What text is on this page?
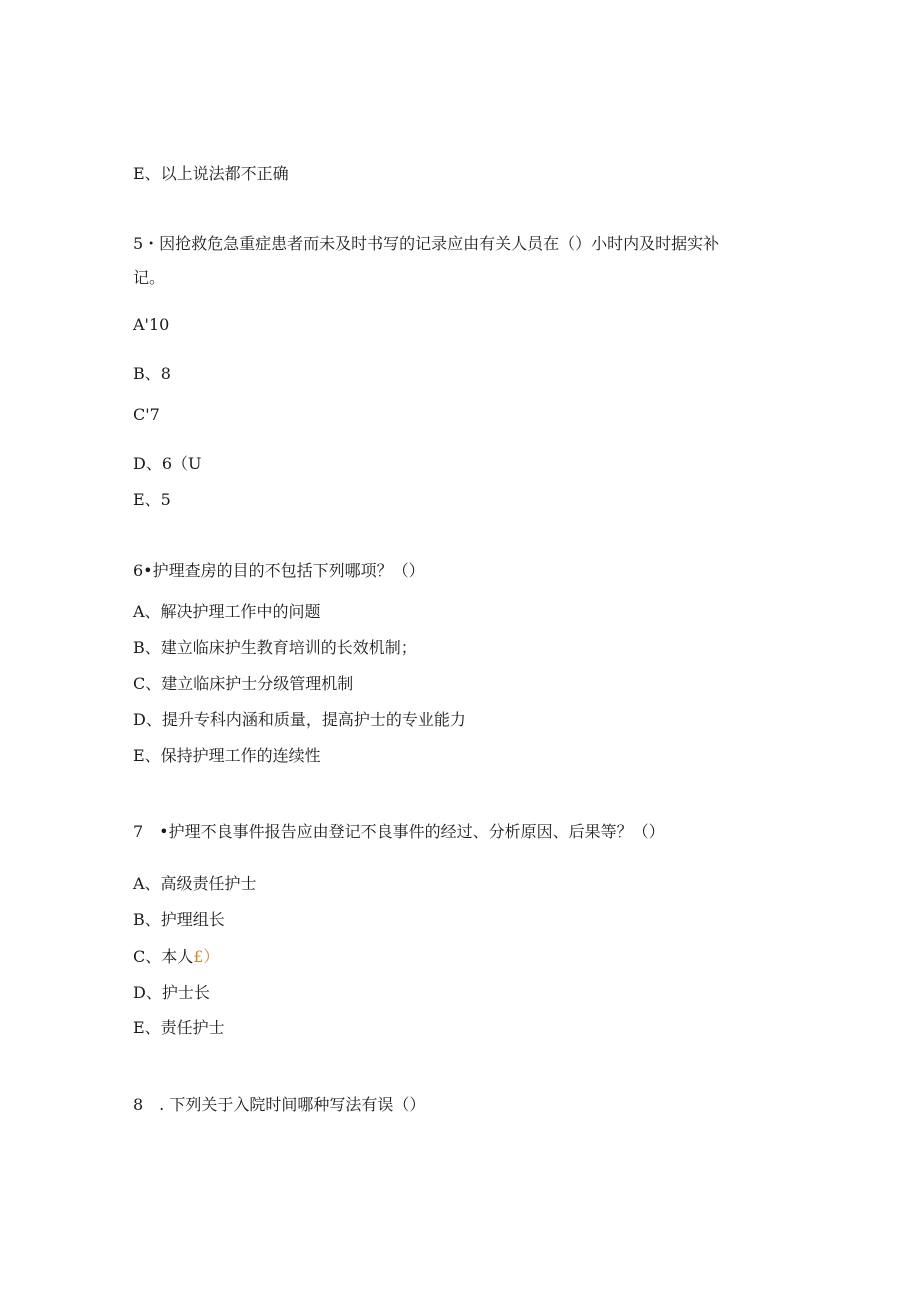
E、以上说法都不正确
5・因抢救危急重症患者而未及时书写的记录应由有关人员在（）小时内及时据实补
记。
A'10
B、8
C'7
D、6（U
E、5
6•护理查房的目的不包括下列哪项？（）
A、解决护理工作中的问题
B、建立临床护生教育培训的长效机制；
C、建立临床护士分级管理机制
D、提升专科内涵和质量，提高护士的专业能力
E、保持护理工作的连续性
7　•护理不良事件报告应由登记不良事件的经过、分析原因、后果等？（）
A、高级责任护士
B、护理组长
C、本人£）
D、护士长
E、责任护士
8　. 下列关于入院时间哪种写法有误（）
